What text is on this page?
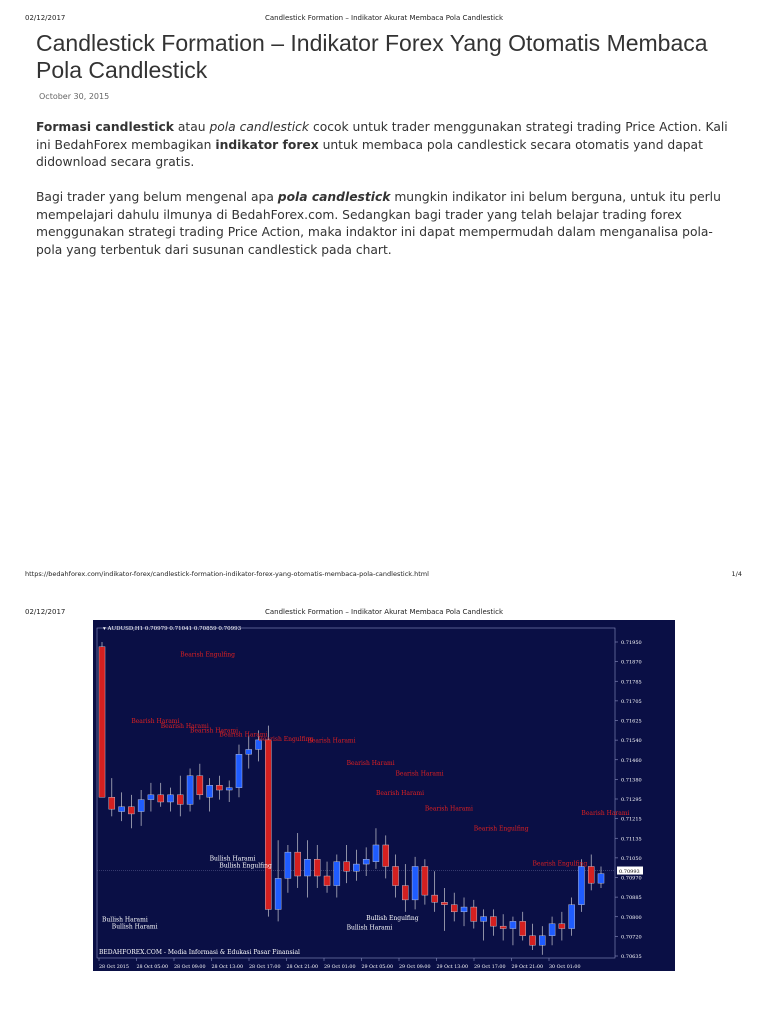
02/12/2017	Candlestick Formation – Indikator Akurat Membaca Pola Candlestick
Candlestick Formation – Indikator Forex Yang Otomatis Membaca Pola Candlestick
October 30, 2015

Formasi candlestick atau pola candlestick cocok untuk trader menggunakan strategi trading Price Action. Kali ini BedahForex membagikan indikator forex untuk membaca pola candlestick secara otomatis yand dapat didownload secara gratis.

Bagi trader yang belum mengenal apa pola candlestick mungkin indikator ini belum berguna, untuk itu perlu mempelajari dahulu ilmunya di BedahForex.com. Sedangkan bagi trader yang telah belajar trading forex menggunakan strategi trading Price Action, maka indaktor ini dapat mempermudah dalam menganalisa pola-pola yang terbentuk dari susunan candlestick pada chart.

https://bedahforex.com/indikator-forex/candlestick-formation-indikator-forex-yang-otomatis-membaca-pola-candlestick.html	1/4
02/12/2017	Candlestick Formation – Indikator Akurat Membaca Pola Candlestick
▾ AUDUSD,H1 0.70979 0.71041 0.70859 0.70993
0.71950
0.71870
0.71785
0.71705
0.71625
0.71540
0.71460
0.71380
0.71295
0.71215
0.71135
0.71050
0.70970
0.70885
0.70800
0.70720
0.70635
28 Oct 2015 28 Oct 05:00 28 Oct 09:00 28 Oct 13:00 28 Oct 17:00 28 Oct 21:00 29 Oct 01:00 29 Oct 05:00 29 Oct 09:00 29 Oct 13:00 29 Oct 17:00 29 Oct 21:00 30 Oct 01:00
0.70993
Bearish Engulfing
Bearish Harami
Bearish Harami
Bearish Harami
Bearish Harami
Bearish Engulfing
Bearish Harami
Bearish Harami
Bearish Harami
Bearish Harami
Bearish Harami
Bearish Engulfing
Bearish Engulfing
Bearish Harami
Bullish Harami
Bullish Engulfing
Bullish Harami
Bullish Harami
Bullish Engulfing
Bullish Harami
BEDAHFOREX.COM - Media Informasi & Edukasi Pasar Finansial
